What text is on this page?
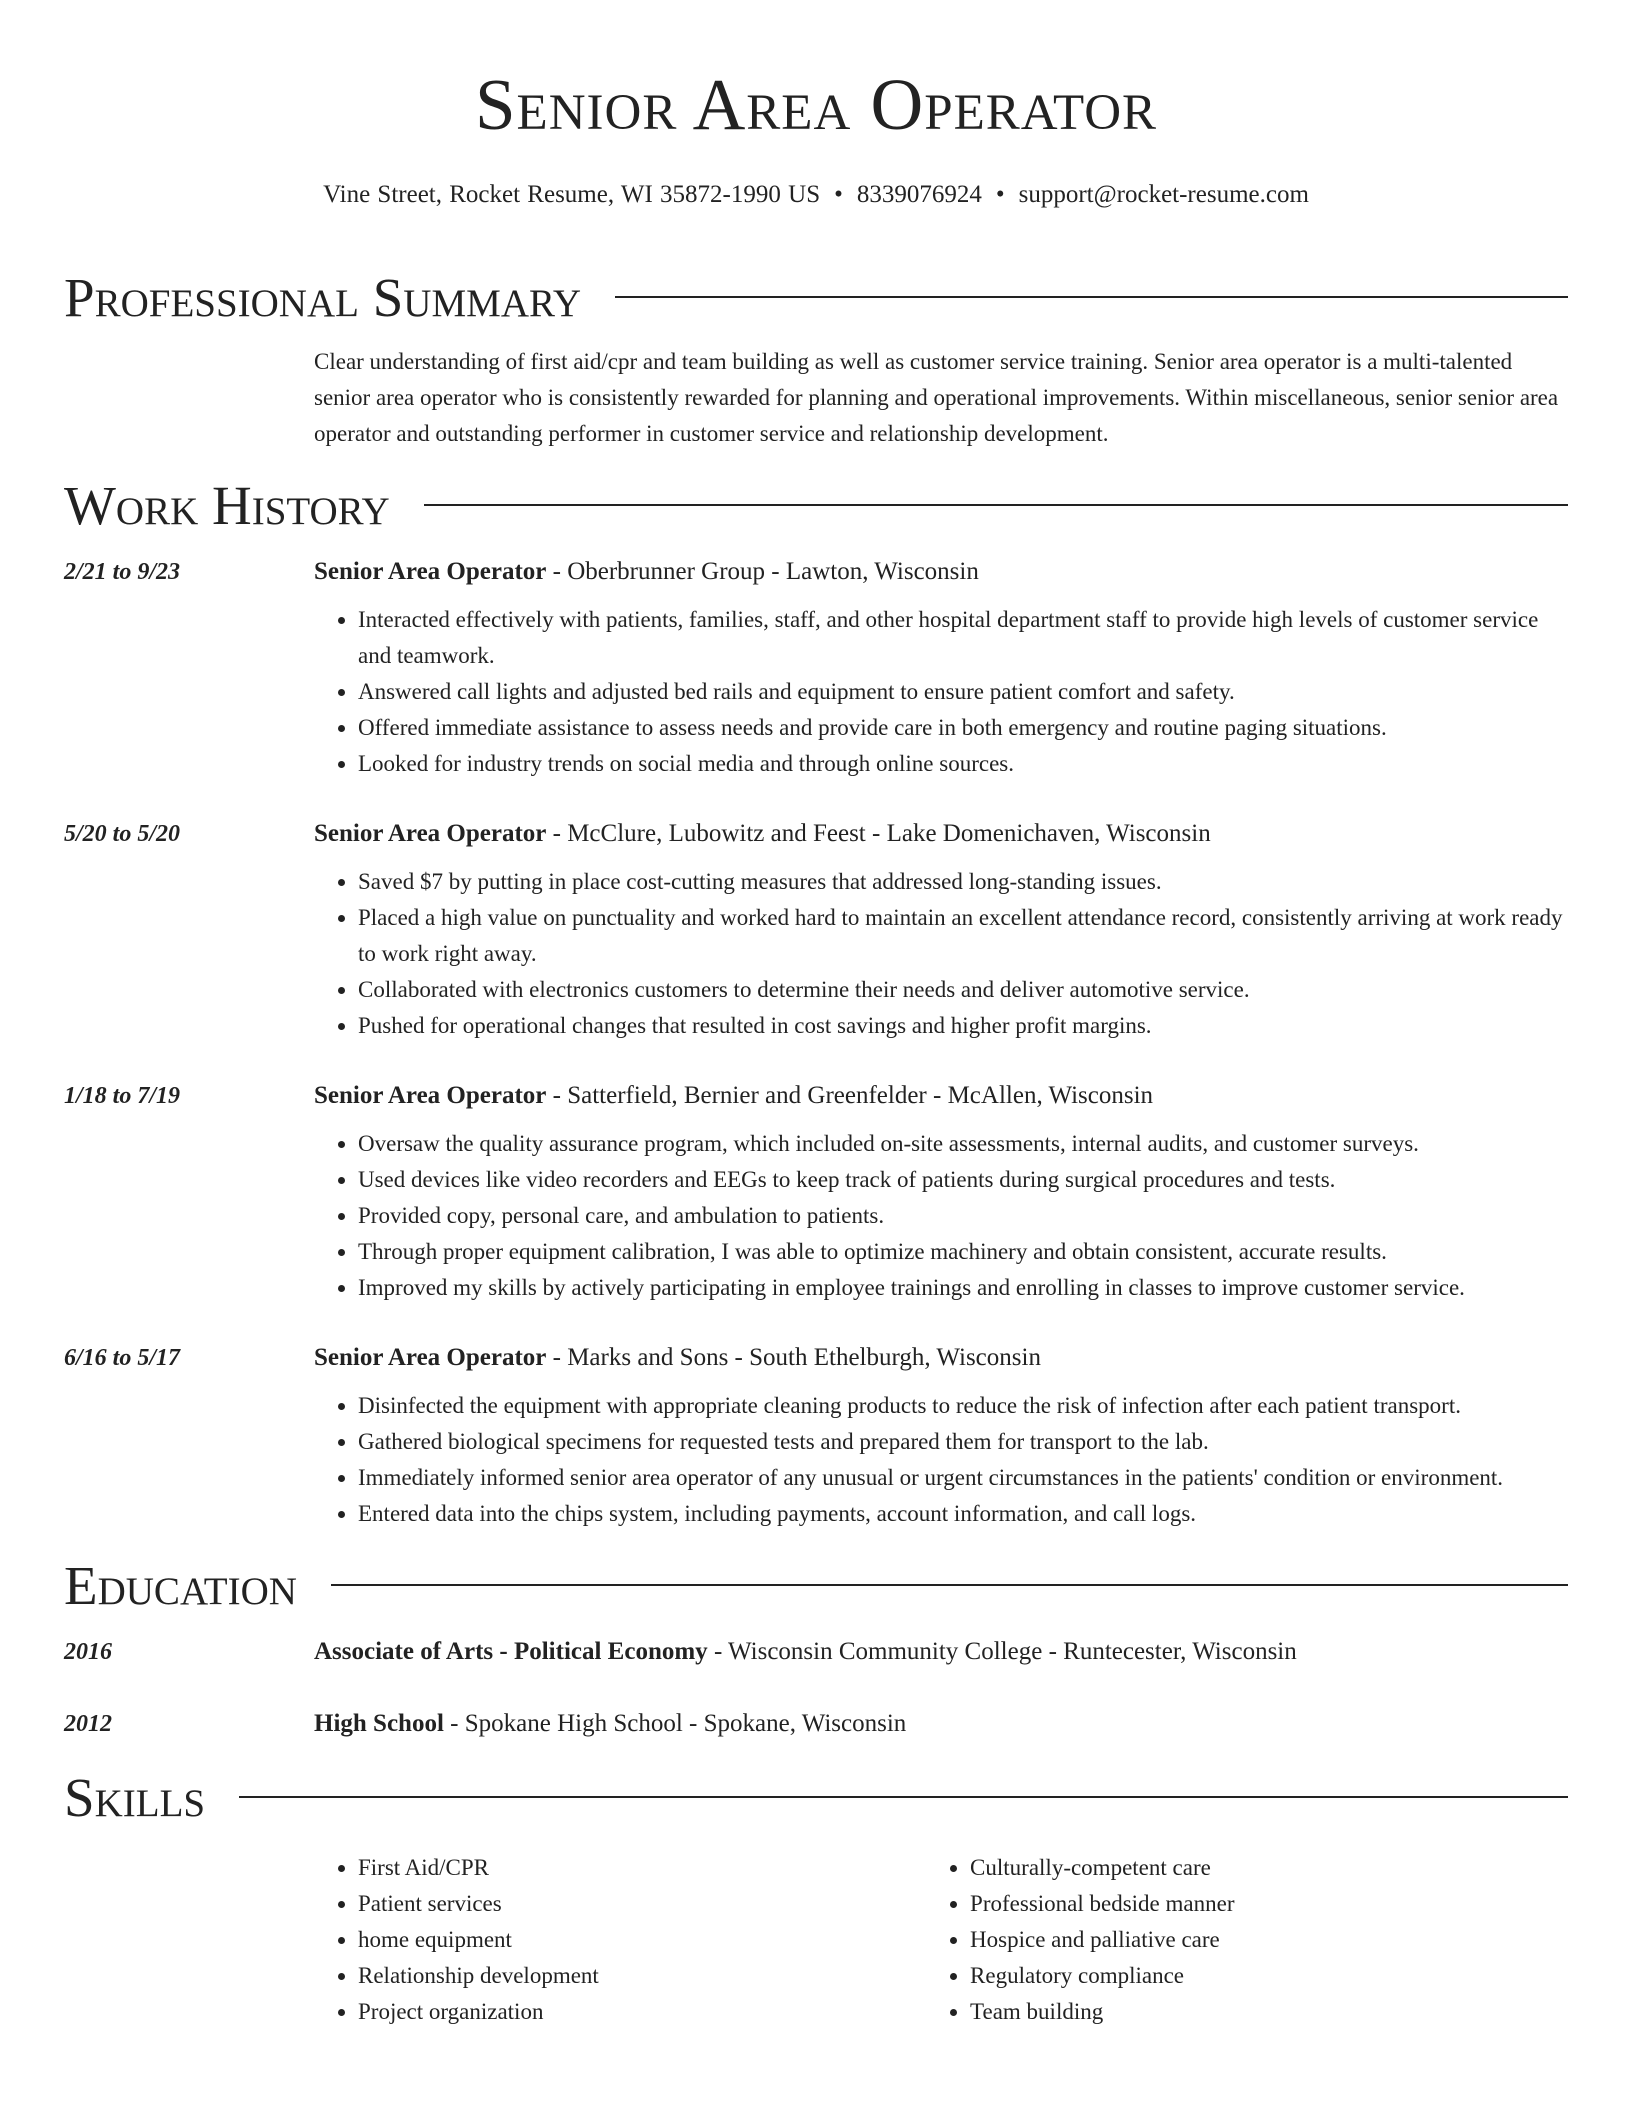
Senior Area Operator
Vine Street, Rocket Resume, WI 35872-1990 US • 8339076924 • support@rocket-resume.com
Professional Summary
Clear understanding of first aid/cpr and team building as well as customer service training. Senior area operator is a multi-talented senior area operator who is consistently rewarded for planning and operational improvements. Within miscellaneous, senior senior area operator and outstanding performer in customer service and relationship development.
Work History
2/21 to 9/23	Senior Area Operator - Oberbrunner Group - Lawton, Wisconsin
• Interacted effectively with patients, families, staff, and other hospital department staff to provide high levels of customer service and teamwork.
• Answered call lights and adjusted bed rails and equipment to ensure patient comfort and safety.
• Offered immediate assistance to assess needs and provide care in both emergency and routine paging situations.
• Looked for industry trends on social media and through online sources.
5/20 to 5/20	Senior Area Operator - McClure, Lubowitz and Feest - Lake Domenichaven, Wisconsin
• Saved $7 by putting in place cost-cutting measures that addressed long-standing issues.
• Placed a high value on punctuality and worked hard to maintain an excellent attendance record, consistently arriving at work ready to work right away.
• Collaborated with electronics customers to determine their needs and deliver automotive service.
• Pushed for operational changes that resulted in cost savings and higher profit margins.
1/18 to 7/19	Senior Area Operator - Satterfield, Bernier and Greenfelder - McAllen, Wisconsin
• Oversaw the quality assurance program, which included on-site assessments, internal audits, and customer surveys.
• Used devices like video recorders and EEGs to keep track of patients during surgical procedures and tests.
• Provided copy, personal care, and ambulation to patients.
• Through proper equipment calibration, I was able to optimize machinery and obtain consistent, accurate results.
• Improved my skills by actively participating in employee trainings and enrolling in classes to improve customer service.
6/16 to 5/17	Senior Area Operator - Marks and Sons - South Ethelburgh, Wisconsin
• Disinfected the equipment with appropriate cleaning products to reduce the risk of infection after each patient transport.
• Gathered biological specimens for requested tests and prepared them for transport to the lab.
• Immediately informed senior area operator of any unusual or urgent circumstances in the patients' condition or environment.
• Entered data into the chips system, including payments, account information, and call logs.
Education
2016	Associate of Arts - Political Economy - Wisconsin Community College - Runtecester, Wisconsin
2012	High School - Spokane High School - Spokane, Wisconsin
Skills
• First Aid/CPR
• Patient services
• home equipment
• Relationship development
• Project organization
• Culturally-competent care
• Professional bedside manner
• Hospice and palliative care
• Regulatory compliance
• Team building
